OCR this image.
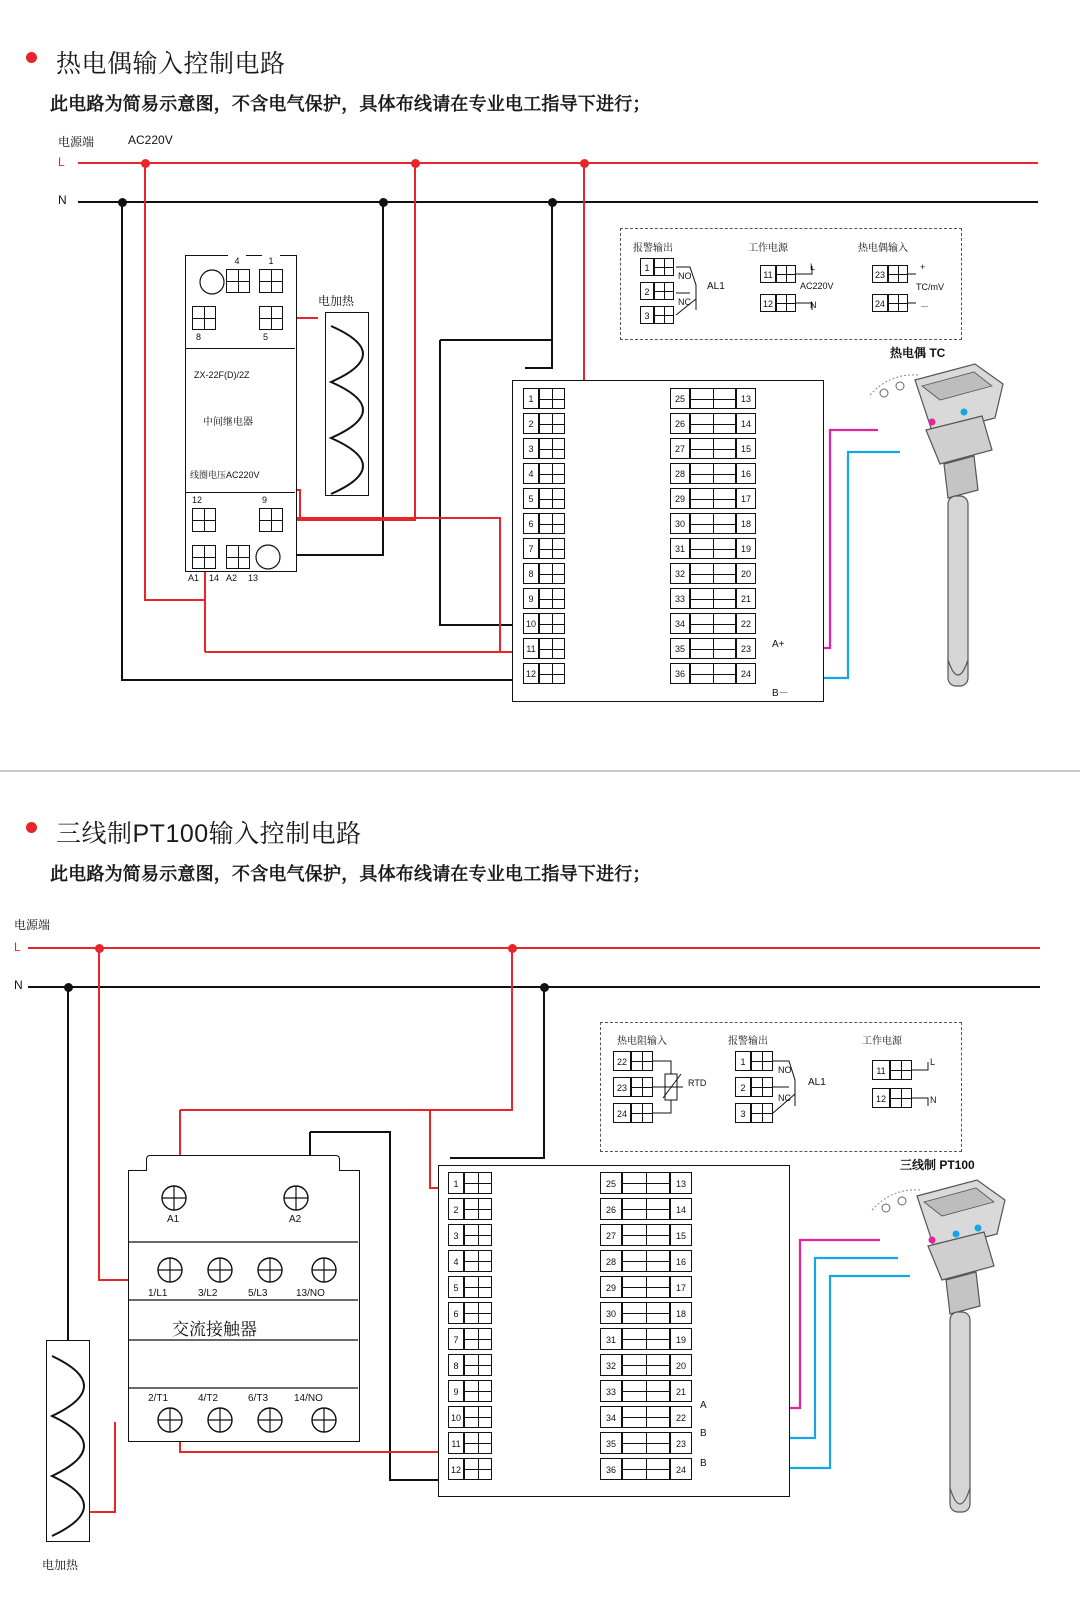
热电偶输入控制电路
此电路为简易示意图，不含电气保护，具体布线请在专业电工指导下进行；
电源端	AC220V
L
N
报警输出	工作电源	热电偶输入
1
2
3
NO
NC
AL1
11
12
L
AC220V
N
23
24
+
TC/mV
－
4	1
8	5
ZX-22F(D)/2Z
中间继电器
线圈电压AC220V
12	9
A1 14 A2 13
电加热
1
2
3
4
5
6
7
8
9
10
11
12
25	13
26	14
27	15
28	16
29	17
30	18
31	19
32	20
33	21
34	22
35	23
36	24
A+
B－
热电偶 TC
三线制PT100输入控制电路
此电路为简易示意图，不含电气保护，具体布线请在专业电工指导下进行；
电源端
L
N
热电阻输入	报警输出	工作电源
22
23
24
RTD
1
2
3
NO
NC
AL1
11
12
L
N
A1	A2
1/L1	3/L2	5/L3	13/NO
交流接触器
2/T1	4/T2	6/T3	14/NO
电加热
1
2
3
4
5
6
7
8
9
10
11
12
25	13
26	14
27	15
28	16
29	17
30	18
31	19
32	20
33	21
34	22
35	23
36	24
A
B
B
三线制 PT100
